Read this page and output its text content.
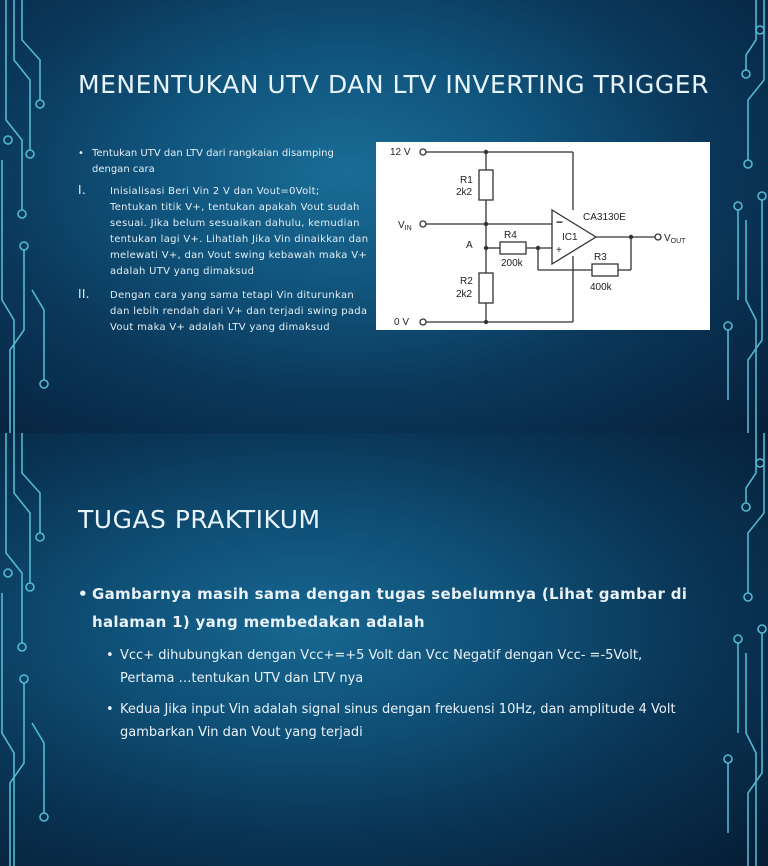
MENENTUKAN UTV DAN LTV INVERTING TRIGGER
• Tentukan UTV dan LTV dari rangkaian disamping dengan cara
I. Inisialisasi Beri Vin 2 V dan Vout=0Volt; Tentukan titik V+, tentukan apakah Vout sudah sesuai. Jika belum sesuaikan dahulu, kemudian tentukan lagi V+. Lihatlah Jika Vin dinaikkan dan melewati V+, dan Vout swing kebawah maka V+ adalah UTV yang dimaksud
II. Dengan cara yang sama tetapi Vin diturunkan dan lebih rendah dari V+ dan terjadi swing pada Vout maka V+ adalah LTV yang dimaksud
12 V
0 V
$V_{IN}$
$V_{OUT}$
R1
2k2
R2
2k2
R4
200k
R3
400k
A
IC1
CA3130E
−
+
TUGAS PRAKTIKUM
• Gambarnya masih sama dengan tugas sebelumnya (Lihat gambar di halaman 1) yang membedakan adalah
• Vcc+ dihubungkan dengan Vcc+=+5 Volt dan Vcc Negatif dengan Vcc- =-5Volt, Pertama …tentukan UTV dan LTV nya
• Kedua Jika input Vin adalah signal sinus dengan frekuensi 10Hz, dan amplitude 4 Volt gambarkan Vin dan Vout yang terjadi
